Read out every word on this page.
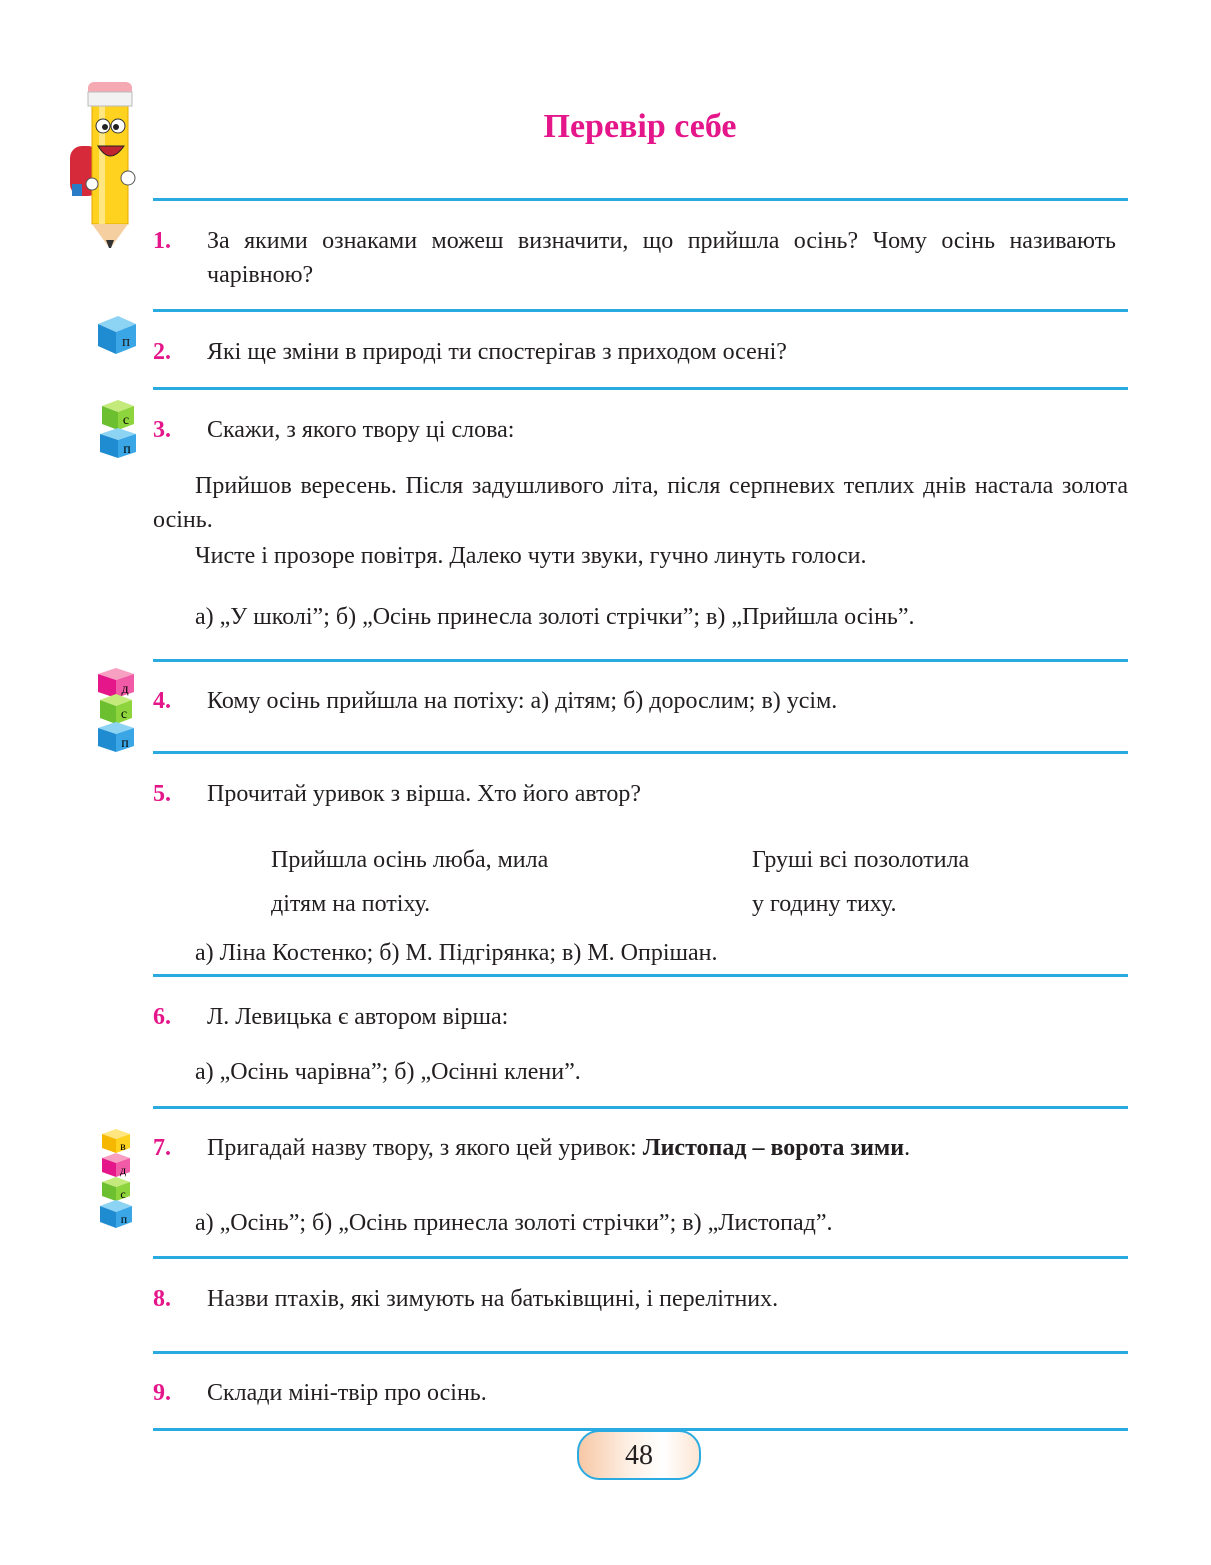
Перевір себе
1. За якими ознаками можеш визначити, що прийшла осінь? Чому осінь називають чарівною?
п 2. Які ще зміни в природі ти спостерігав з приходом осені?
с
п
3. Скажи, з якого твору ці слова:
Прийшов вересень. Після задушливого літа, після серпневих теплих днів настала золота осінь.
Чисте і прозоре повітря. Далеко чути звуки, гучно линуть голоси.
а) „У школі”; б) „Осінь принесла золоті стрічки”; в) „Прийшла осінь”.
д
с
п
4. Кому осінь прийшла на потіху: а) дітям; б) дорослим; в) усім.
5. Прочитай уривок з вірша. Хто його автор?
Прийшла осінь люба, мила
дітям на потіху.
Груші всі позолотила
у годину тиху.
а) Ліна Костенко; б) М. Підгірянка; в) М. Опрішан.
6. Л. Левицька є автором вірша:
а) „Осінь чарівна”; б) „Осінні клени”.
в
д
с
п
7. Пригадай назву твору, з якого цей уривок: Листопад – ворота зими.
а) „Осінь”; б) „Осінь принесла золоті стрічки”; в) „Листопад”.
8. Назви птахів, які зимують на батьківщині, і перелітних.
9. Склади міні-твір про осінь.
48
